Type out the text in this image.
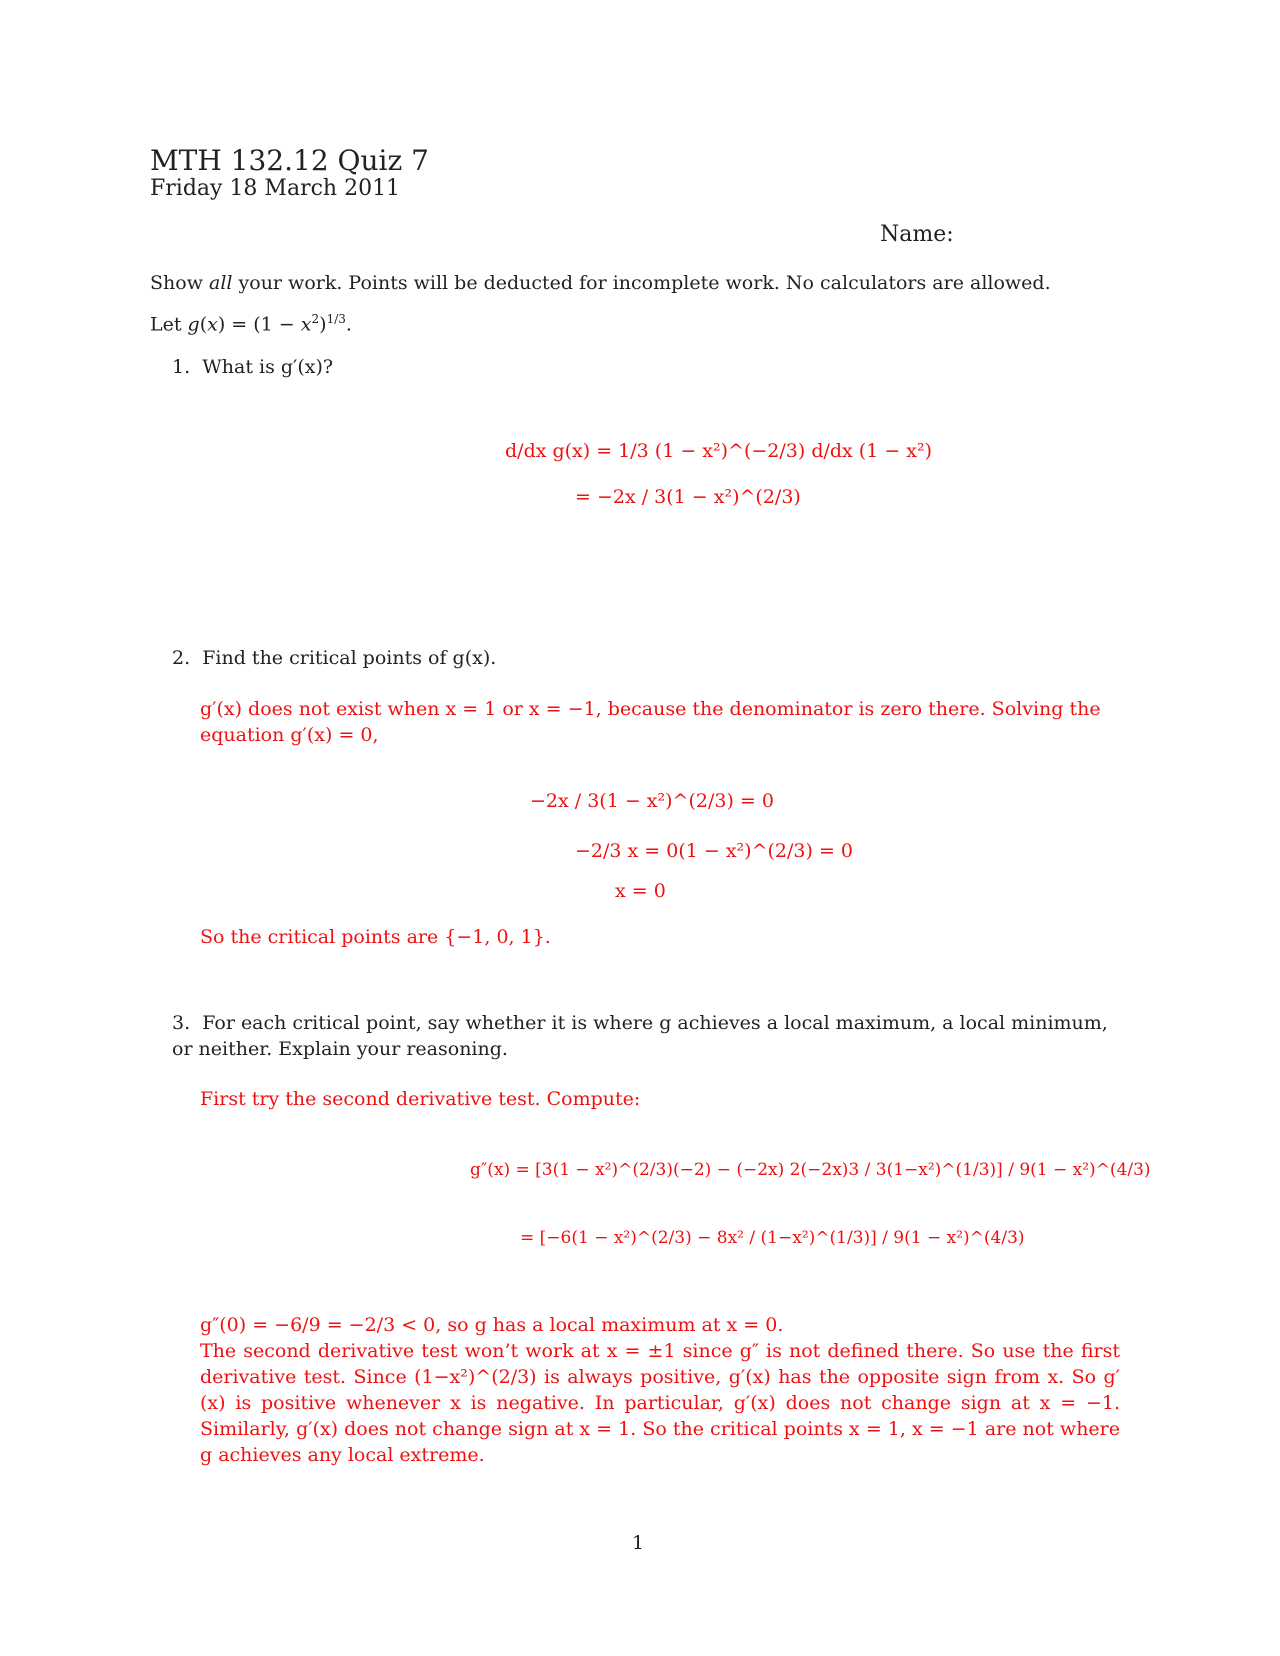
MTH 132.12 Quiz 7
Friday 18 March 2011
Name:
Show all your work. Points will be deducted for incomplete work. No calculators are allowed.
Let $g(x) = (1 - x^2)^{1/3}$.
1. What is g′(x)?
d/dx g(x) = 1/3 (1 − x²)^(−2/3) d/dx (1 − x²)
= −2x / 3(1 − x²)^(2/3)
2. Find the critical points of g(x).
g′(x) does not exist when x = 1 or x = −1, because the denominator is zero there. Solving the equation g′(x) = 0,
−2x / 3(1 − x²)^(2/3) = 0
−2/3 x = 0(1 − x²)^(2/3) = 0
x = 0
So the critical points are {−1, 0, 1}.
3. For each critical point, say whether it is where g achieves a local maximum, a local minimum, or neither. Explain your reasoning.
First try the second derivative test. Compute:
g″(x) = [3(1 − x²)^(2/3)(−2) − (−2x) 2(−2x)3 / 3(1−x²)^(1/3)] / 9(1 − x²)^(4/3)
= [−6(1 − x²)^(2/3) − 8x² / (1−x²)^(1/3)] / 9(1 − x²)^(4/3)
g″(0) = −6/9 = −2/3 < 0, so g has a local maximum at x = 0.
The second derivative test won’t work at x = ±1 since g″ is not defined there. So use the first derivative test. Since (1−x²)^(2/3) is always positive, g′(x) has the opposite sign from x. So g′(x) is positive whenever x is negative. In particular, g′(x) does not change sign at x = −1. Similarly, g′(x) does not change sign at x = 1. So the critical points x = 1, x = −1 are not where g achieves any local extreme.
1
